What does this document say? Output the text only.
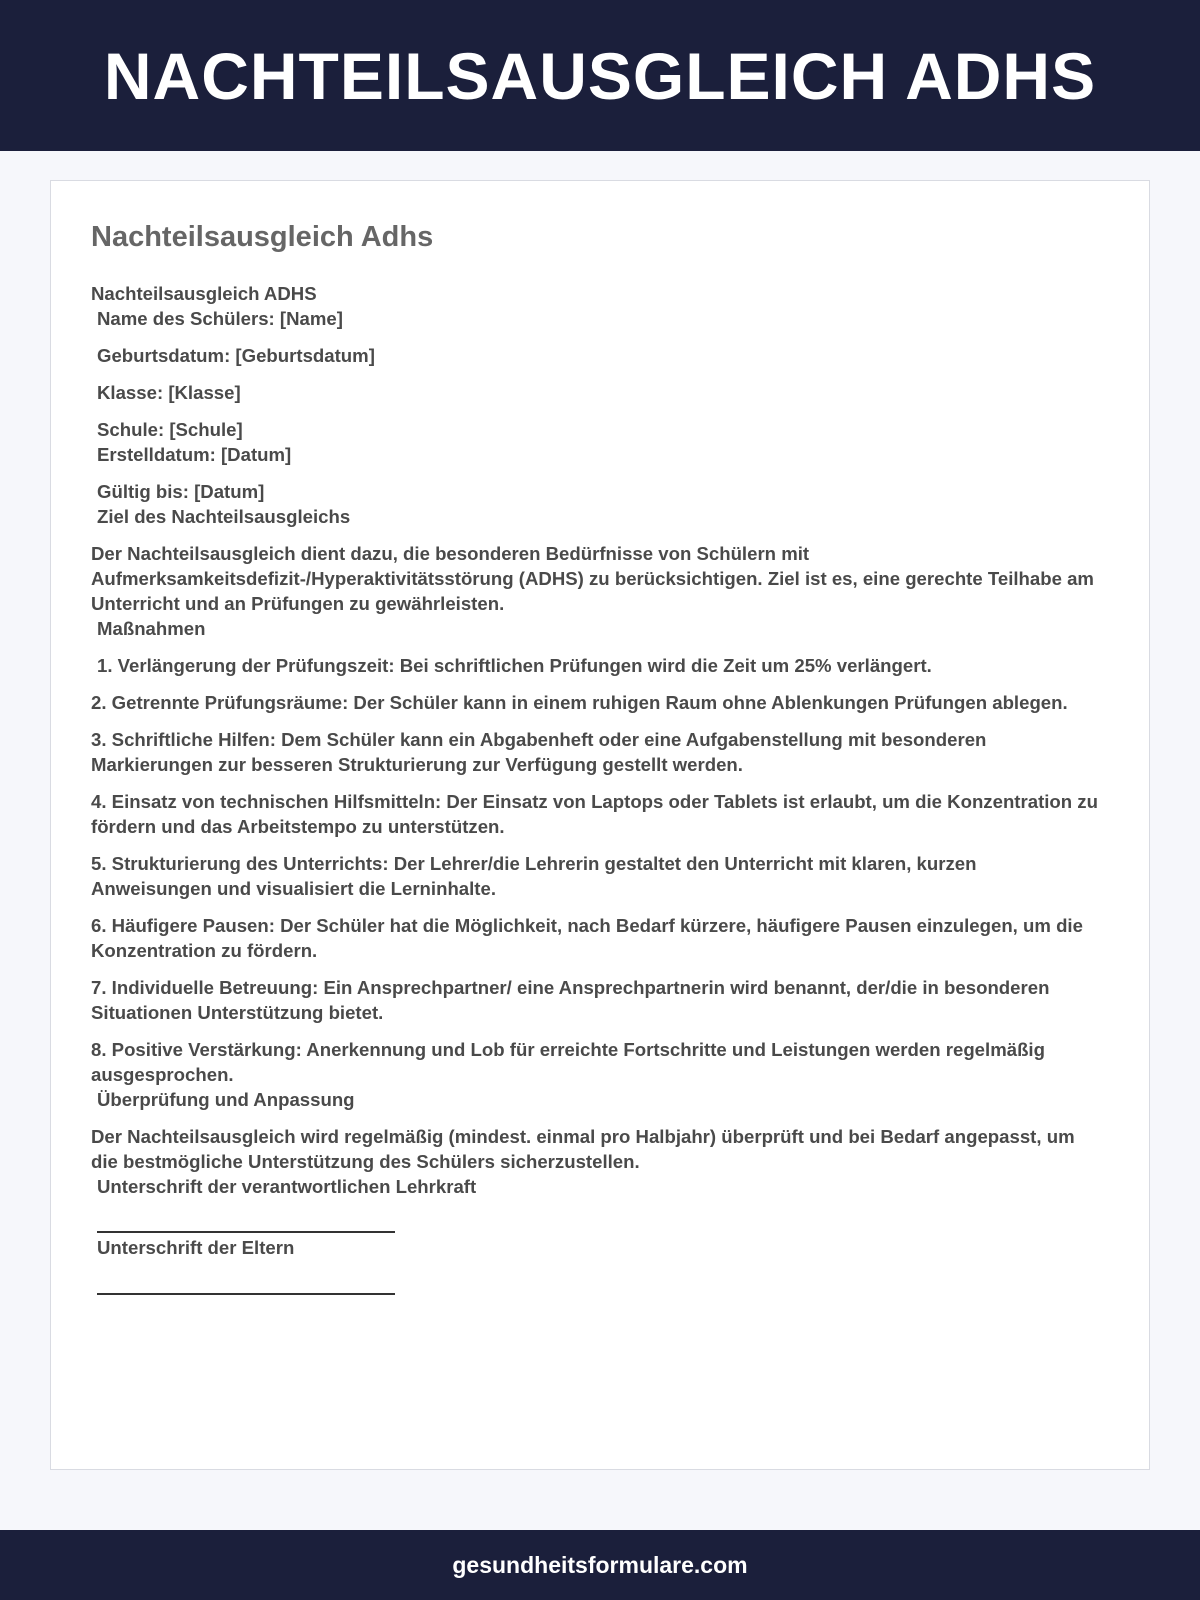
NACHTEILSAUSGLEICH ADHS
Nachteilsausgleich Adhs
Nachteilsausgleich ADHS
Name des Schülers: [Name]
Geburtsdatum: [Geburtsdatum]
Klasse: [Klasse]
Schule: [Schule]
Erstelldatum: [Datum]
Gültig bis: [Datum]
Ziel des Nachteilsausgleichs
Der Nachteilsausgleich dient dazu, die besonderen Bedürfnisse von Schülern mit Aufmerksamkeitsdefizit-/Hyperaktivitätsstörung (ADHS) zu berücksichtigen. Ziel ist es, eine gerechte Teilhabe am Unterricht und an Prüfungen zu gewährleisten.
Maßnahmen
1. Verlängerung der Prüfungszeit: Bei schriftlichen Prüfungen wird die Zeit um 25% verlängert.
2. Getrennte Prüfungsräume: Der Schüler kann in einem ruhigen Raum ohne Ablenkungen Prüfungen ablegen.
3. Schriftliche Hilfen: Dem Schüler kann ein Abgabenheft oder eine Aufgabenstellung mit besonderen Markierungen zur besseren Strukturierung zur Verfügung gestellt werden.
4. Einsatz von technischen Hilfsmitteln: Der Einsatz von Laptops oder Tablets ist erlaubt, um die Konzentration zu fördern und das Arbeitstempo zu unterstützen.
5. Strukturierung des Unterrichts: Der Lehrer/die Lehrerin gestaltet den Unterricht mit klaren, kurzen Anweisungen und visualisiert die Lerninhalte.
6. Häufigere Pausen: Der Schüler hat die Möglichkeit, nach Bedarf kürzere, häufigere Pausen einzulegen, um die Konzentration zu fördern.
7. Individuelle Betreuung: Ein Ansprechpartner/ eine Ansprechpartnerin wird benannt, der/die in besonderen Situationen Unterstützung bietet.
8. Positive Verstärkung: Anerkennung und Lob für erreichte Fortschritte und Leistungen werden regelmäßig ausgesprochen.
Überprüfung und Anpassung
Der Nachteilsausgleich wird regelmäßig (mindest. einmal pro Halbjahr) überprüft und bei Bedarf angepasst, um die bestmögliche Unterstützung des Schülers sicherzustellen.
Unterschrift der verantwortlichen Lehrkraft
Unterschrift der Eltern
gesundheitsformulare.com
